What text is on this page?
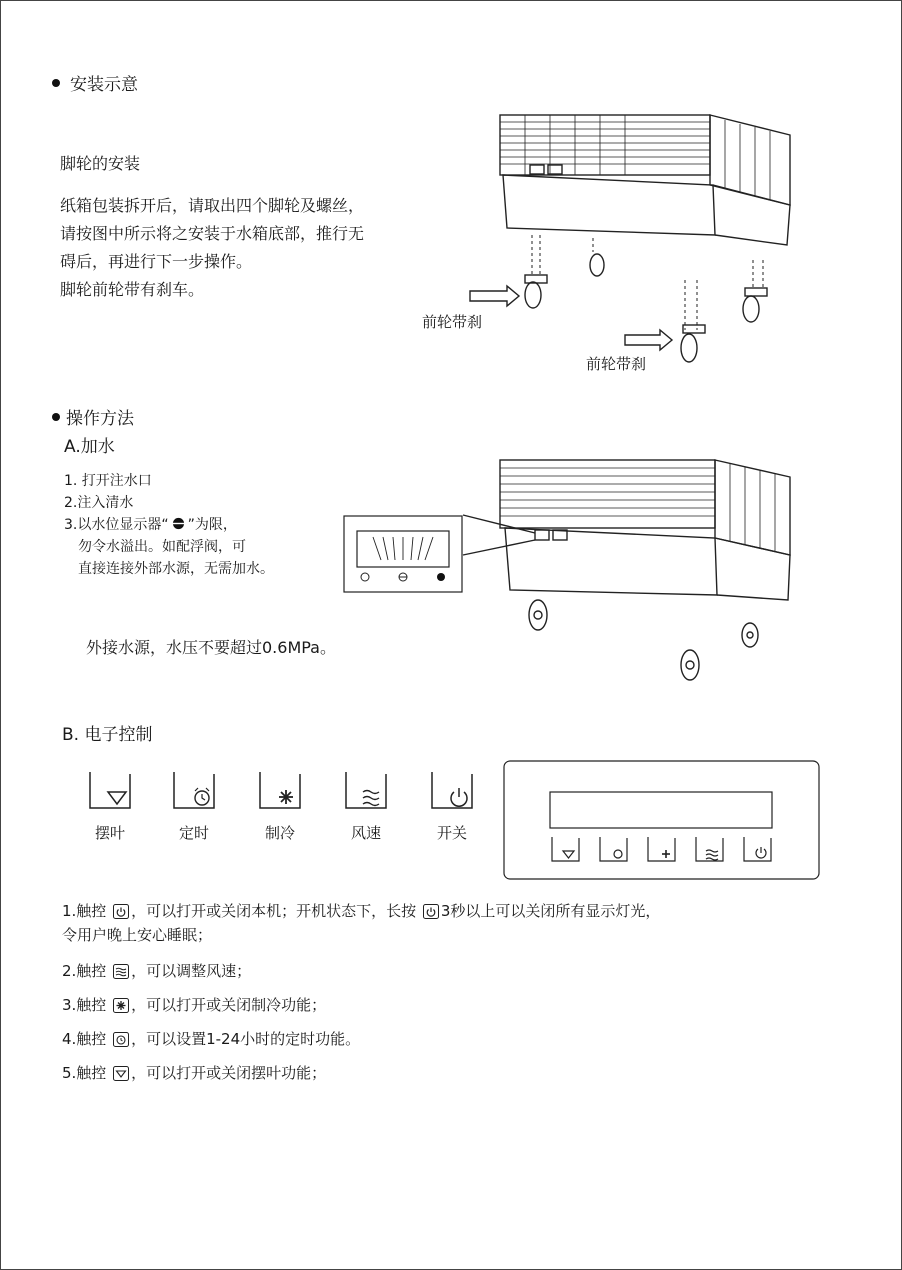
安装示意
脚轮的安装
纸箱包装拆开后，请取出四个脚轮及螺丝，
请按图中所示将之安装于水箱底部，推行无
碍后，再进行下一步操作。
脚轮前轮带有刹车。
前轮带刹
前轮带刹
操作方法
A.加水
1. 打开注水口
2.注入清水
3.以水位显示器“ ”为限，
勿令水溢出。如配浮阀，可
直接连接外部水源，无需加水。
外接水源，水压不要超过0.6MPa。
B. 电子控制
摆叶	定时	制冷	风速	开关
1.触控 ，可以打开或关闭本机；开机状态下，长按 3秒以上可以关闭所有显示灯光，
令用户晚上安心睡眠；
2.触控 ，可以调整风速；
3.触控 ，可以打开或关闭制冷功能；
4.触控 ，可以设置1-24小时的定时功能。
5.触控 ，可以打开或关闭摆叶功能；
